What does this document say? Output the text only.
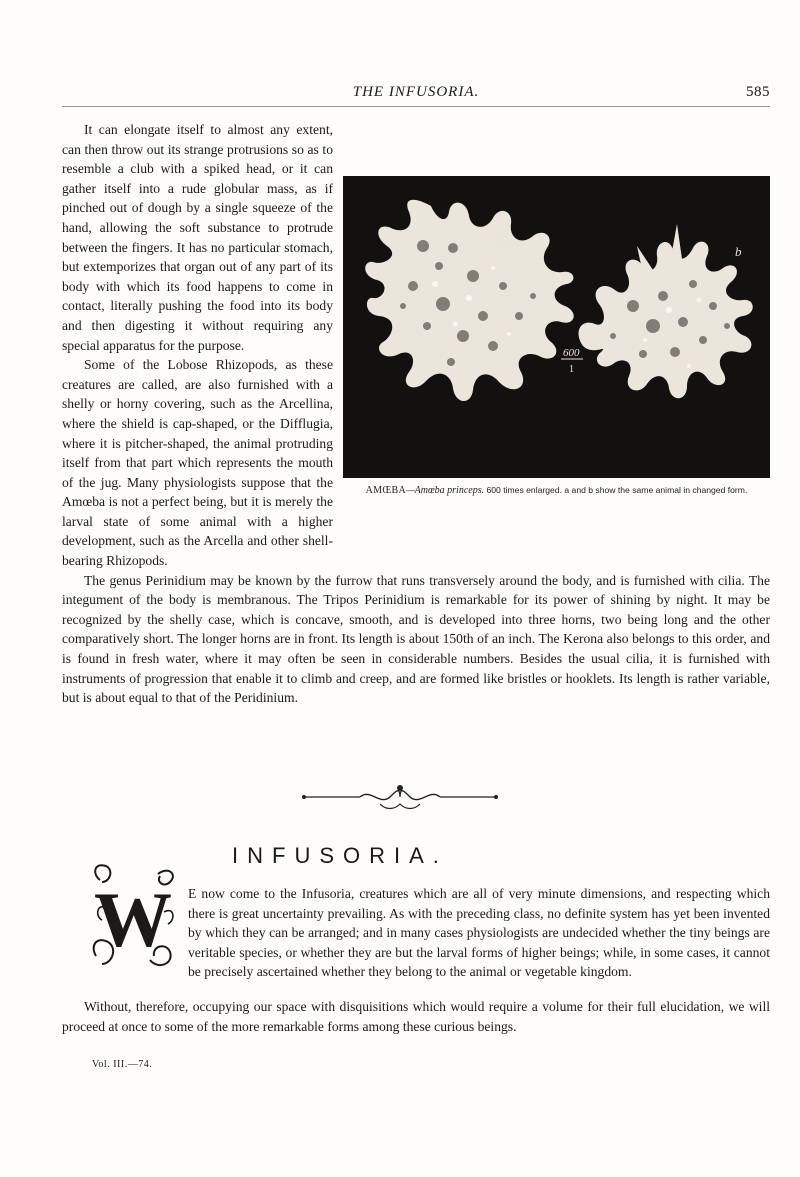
THE INFUSORIA.	585
a
b
600
1
AMŒBA—Amœba princeps. 600 times enlarged. a and b show the same animal in changed form.

It can elongate itself to almost any extent, can then throw out its strange protrusions so as to resemble a club with a spiked head, or it can gather itself into a rude globular mass, as if pinched out of dough by a single squeeze of the hand, allowing the soft substance to protrude between the fingers. It has no particular stomach, but extemporizes that organ out of any part of its body with which its food happens to come in contact, literally pushing the food into its body and then digesting it without requiring any special apparatus for the purpose.

Some of the Lobose Rhizopods, as these creatures are called, are also furnished with a shelly or horny covering, such as the Arcellina, where the shield is cap-shaped, or the Difflugia, where it is pitcher-shaped, the animal protruding itself from that part which represents the mouth of the jug. Many physiologists suppose that the Amœba is not a perfect being, but it is merely the larval state of some animal with a higher development, such as the Arcella and other shell-bearing Rhizopods.

The genus Perinidium may be known by the furrow that runs transversely around the body, and is furnished with cilia. The integument of the body is membranous. The Tripos Perinidium is remarkable for its power of shining by night. It may be recognized by the shelly case, which is concave, smooth, and is developed into three horns, two being long and the other comparatively short. The longer horns are in front. Its length is about 150th of an inch. The Kerona also belongs to this order, and is found in fresh water, where it may often be seen in considerable numbers. Besides the usual cilia, it is furnished with instruments of progression that enable it to climb and creep, and are formed like bristles or hooklets. Its length is rather variable, but is about equal to that of the Peridinium.

INFUSORIA.
W E now come to the Infusoria, creatures which are all of very minute dimensions, and respecting which there is great uncertainty prevailing. As with the preceding class, no definite system has yet been invented by which they can be arranged; and in many cases physiologists are undecided whether the tiny beings are veritable species, or whether they are but the larval forms of higher beings; while, in some cases, it cannot be precisely ascertained whether they belong to the animal or vegetable kingdom.

Without, therefore, occupying our space with disquisitions which would require a volume for their full elucidation, we will proceed at once to some of the more remarkable forms among these curious beings.

Vol. III.—74.
